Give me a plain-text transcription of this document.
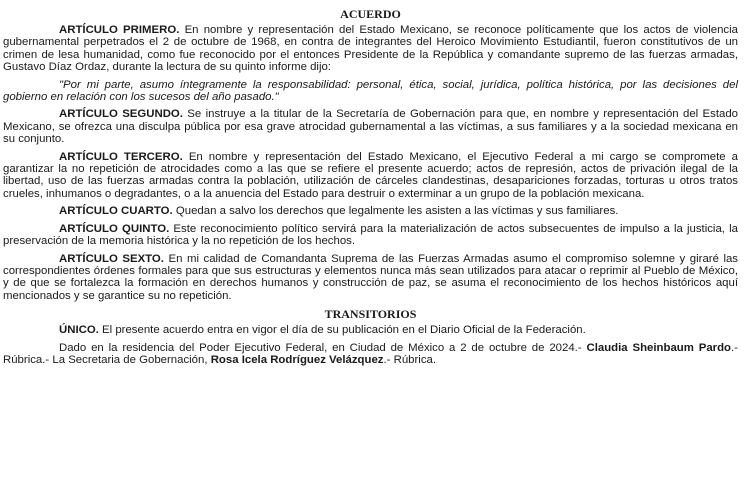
ACUERDO

ARTÍCULO PRIMERO. En nombre y representación del Estado Mexicano, se reconoce políticamente que los actos de violencia gubernamental perpetrados el 2 de octubre de 1968, en contra de integrantes del Heroico Movimiento Estudiantil, fueron constitutivos de un crimen de lesa humanidad, como fue reconocido por el entonces Presidente de la República y comandante supremo de las fuerzas armadas, Gustavo Díaz Ordaz, durante la lectura de su quinto informe dijo:

"Por mi parte, asumo íntegramente la responsabilidad: personal, ética, social, jurídica, política histórica, por las decisiones del gobierno en relación con los sucesos del año pasado."

ARTÍCULO SEGUNDO. Se instruye a la titular de la Secretaría de Gobernación para que, en nombre y representación del Estado Mexicano, se ofrezca una disculpa pública por esa grave atrocidad gubernamental a las víctimas, a sus familiares y a la sociedad mexicana en su conjunto.

ARTÍCULO TERCERO. En nombre y representación del Estado Mexicano, el Ejecutivo Federal a mi cargo se compromete a garantizar la no repetición de atrocidades como a las que se refiere el presente acuerdo; actos de represión, actos de privación ilegal de la libertad, uso de las fuerzas armadas contra la población, utilización de cárceles clandestinas, desapariciones forzadas, torturas u otros tratos crueles, inhumanos o degradantes, o a la anuencia del Estado para destruir o exterminar a un grupo de la población mexicana.

ARTÍCULO CUARTO. Quedan a salvo los derechos que legalmente les asisten a las víctimas y sus familiares.

ARTÍCULO QUINTO. Este reconocimiento político servirá para la materialización de actos subsecuentes de impulso a la justicia, la preservación de la memoria histórica y la no repetición de los hechos.

ARTÍCULO SEXTO. En mi calidad de Comandanta Suprema de las Fuerzas Armadas asumo el compromiso solemne y giraré las correspondientes órdenes formales para que sus estructuras y elementos nunca más sean utilizados para atacar o reprimir al Pueblo de México, y de que se fortalezca la formación en derechos humanos y construcción de paz, se asuma el reconocimiento de los hechos históricos aquí mencionados y se garantice su no repetición.

TRANSITORIOS

ÚNICO. El presente acuerdo entra en vigor el día de su publicación en el Diario Oficial de la Federación.

Dado en la residencia del Poder Ejecutivo Federal, en Ciudad de México a 2 de octubre de 2024.- Claudia Sheinbaum Pardo.- Rúbrica.- La Secretaria de Gobernación, Rosa Icela Rodríguez Velázquez.- Rúbrica.
